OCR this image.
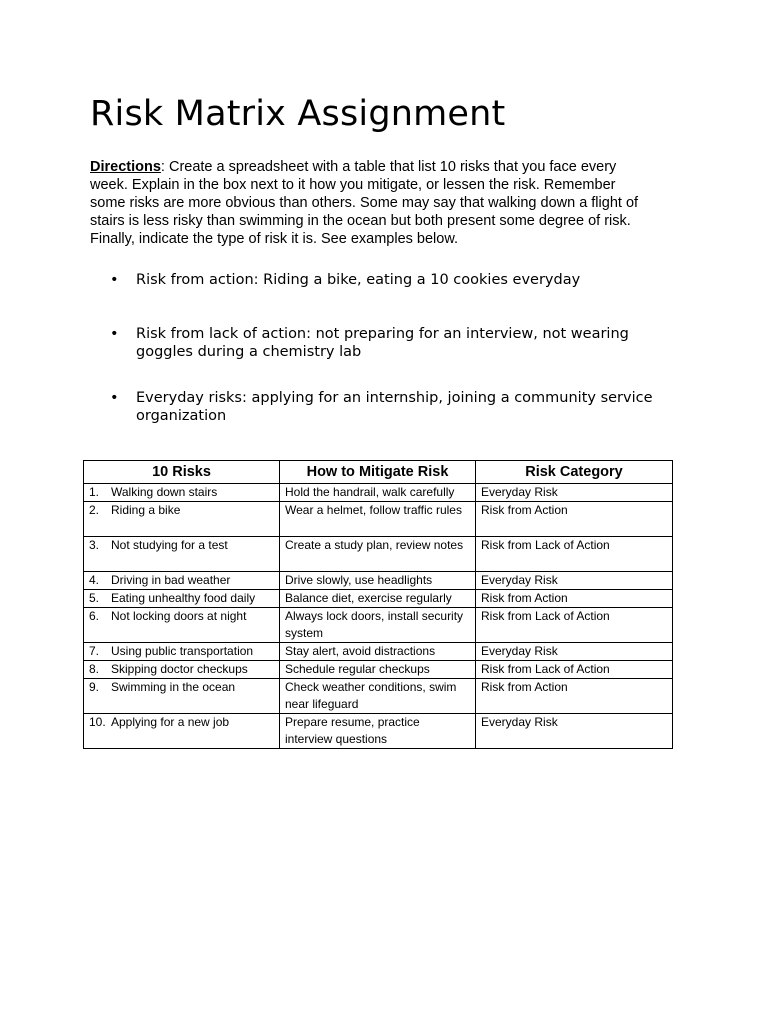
Risk Matrix Assignment

Directions: Create a spreadsheet with a table that list 10 risks that you face every
week. Explain in the box next to it how you mitigate, or lessen the risk. Remember
some risks are more obvious than others. Some may say that walking down a flight of
stairs is less risky than swimming in the ocean but both present some degree of risk.
Finally, indicate the type of risk it is. See examples below.

• Risk from action: Riding a bike, eating a 10 cookies everyday
• Risk from lack of action: not preparing for an interview, not wearing
goggles during a chemistry lab
• Everyday risks: applying for an internship, joining a community service
organization
10 Risks	How to Mitigate Risk	Risk Category
1. Walking down stairs	Hold the handrail, walk carefully	Everyday Risk
2. Riding a bike	Wear a helmet, follow traffic rules	Risk from Action
3. Not studying for a test	Create a study plan, review notes	Risk from Lack of Action
4. Driving in bad weather	Drive slowly, use headlights	Everyday Risk
5. Eating unhealthy food daily	Balance diet, exercise regularly	Risk from Action
6. Not locking doors at night	Always lock doors, install security system	Risk from Lack of Action
7. Using public transportation	Stay alert, avoid distractions	Everyday Risk
8. Skipping doctor checkups	Schedule regular checkups	Risk from Lack of Action
9. Swimming in the ocean	Check weather conditions, swim near lifeguard	Risk from Action
10. Applying for a new job	Prepare resume, practice interview questions	Everyday Risk
